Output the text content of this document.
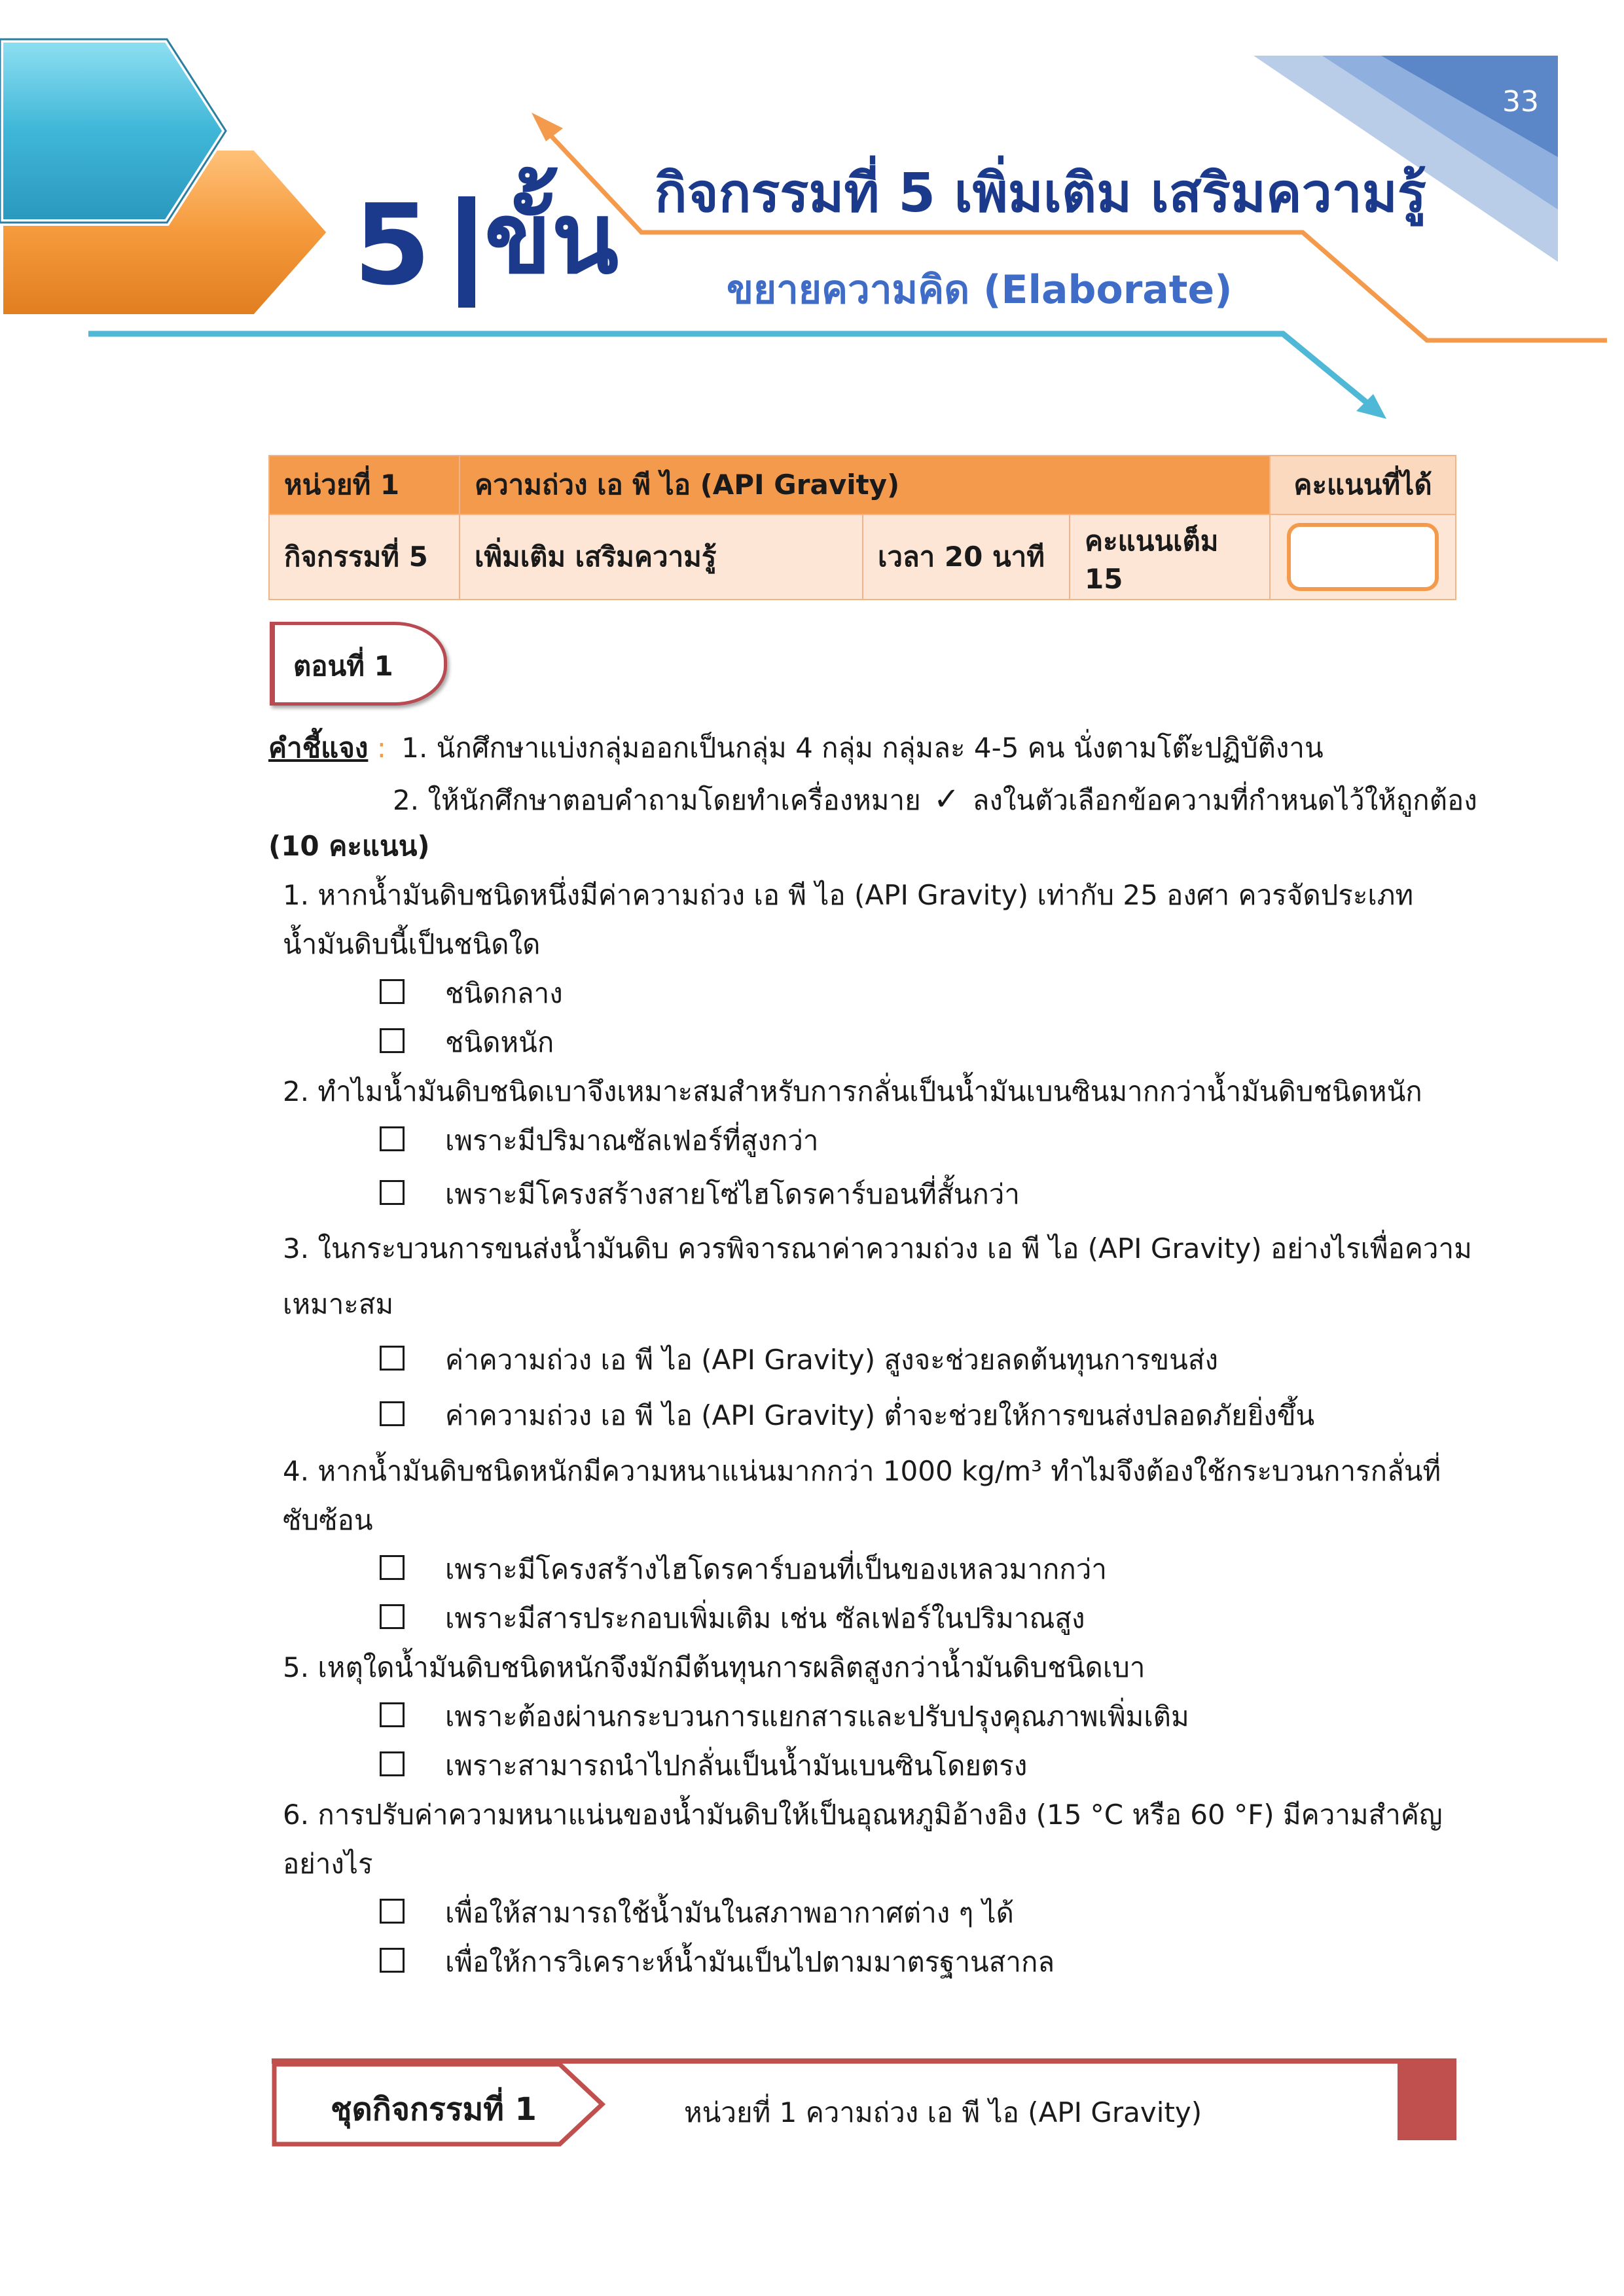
33
5 ขั้น กิจกรรมที่ 5 เพิ่มเติม เสริมความรู้
ขยายความคิด (Elaborate)
หน่วยที่ 1	ความถ่วง เอ พี ไอ (API Gravity)			คะแนนที่ได้
กิจกรรมที่ 5	เพิ่มเติม เสริมความรู้	เวลา 20 นาที	คะแนนเต็ม 15	
ตอนที่ 1
คำชี้แจง : 1. นักศึกษาแบ่งกลุ่มออกเป็นกลุ่ม 4 กลุ่ม กลุ่มละ 4-5 คน นั่งตามโต๊ะปฏิบัติงาน
2. ให้นักศึกษาตอบคำถามโดยทำเครื่องหมาย ✓ ลงในตัวเลือกข้อความที่กำหนดไว้ให้ถูกต้อง
(10 คะแนน)
1. หากน้ำมันดิบชนิดหนึ่งมีค่าความถ่วง เอ พี ไอ (API Gravity) เท่ากับ 25 องศา ควรจัดประเภท
น้ำมันดิบนี้เป็นชนิดใด
ชนิดกลาง
ชนิดหนัก
2. ทำไมน้ำมันดิบชนิดเบาจึงเหมาะสมสำหรับการกลั่นเป็นน้ำมันเบนซินมากกว่าน้ำมันดิบชนิดหนัก
เพราะมีปริมาณซัลเฟอร์ที่สูงกว่า
เพราะมีโครงสร้างสายโซ่ไฮโดรคาร์บอนที่สั้นกว่า
3. ในกระบวนการขนส่งน้ำมันดิบ ควรพิจารณาค่าความถ่วง เอ พี ไอ (API Gravity) อย่างไรเพื่อความ
เหมาะสม
ค่าความถ่วง เอ พี ไอ (API Gravity) สูงจะช่วยลดต้นทุนการขนส่ง
ค่าความถ่วง เอ พี ไอ (API Gravity) ต่ำจะช่วยให้การขนส่งปลอดภัยยิ่งขึ้น
4. หากน้ำมันดิบชนิดหนักมีความหนาแน่นมากกว่า 1000 kg/m³ ทำไมจึงต้องใช้กระบวนการกลั่นที่
ซับซ้อน
เพราะมีโครงสร้างไฮโดรคาร์บอนที่เป็นของเหลวมากกว่า
เพราะมีสารประกอบเพิ่มเติม เช่น ซัลเฟอร์ในปริมาณสูง
5. เหตุใดน้ำมันดิบชนิดหนักจึงมักมีต้นทุนการผลิตสูงกว่าน้ำมันดิบชนิดเบา
เพราะต้องผ่านกระบวนการแยกสารและปรับปรุงคุณภาพเพิ่มเติม
เพราะสามารถนำไปกลั่นเป็นน้ำมันเบนซินโดยตรง
6. การปรับค่าความหนาแน่นของน้ำมันดิบให้เป็นอุณหภูมิอ้างอิง (15 °C หรือ 60 °F) มีความสำคัญ
อย่างไร
เพื่อให้สามารถใช้น้ำมันในสภาพอากาศต่าง ๆ ได้
เพื่อให้การวิเคราะห์น้ำมันเป็นไปตามมาตรฐานสากล
ชุดกิจกรรมที่ 1	หน่วยที่ 1 ความถ่วง เอ พี ไอ (API Gravity)
